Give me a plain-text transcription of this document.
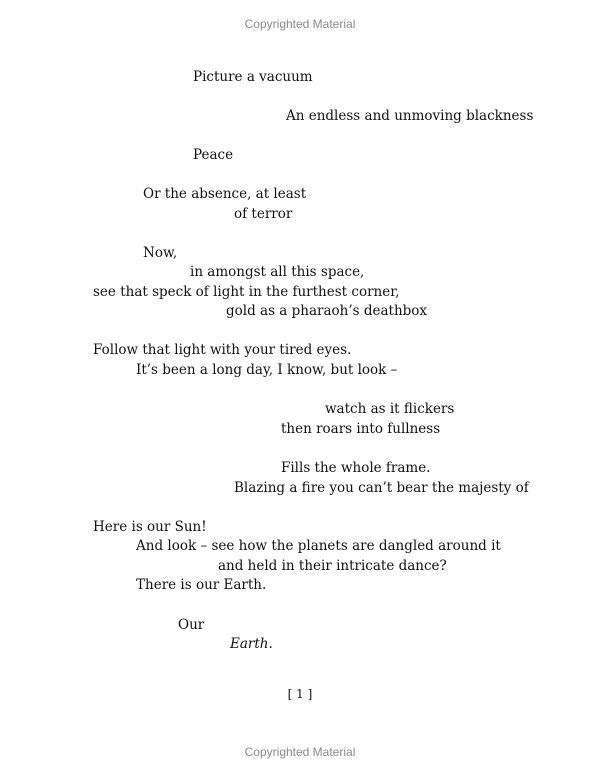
Copyrighted Material
Picture a vacuum
An endless and unmoving blackness
Peace
Or the absence, at least
of terror
Now,
in amongst all this space,
see that speck of light in the furthest corner,
gold as a pharaoh’s deathbox
Follow that light with your tired eyes.
It’s been a long day, I know, but look –
watch as it flickers
then roars into fullness
Fills the whole frame.
Blazing a fire you can’t bear the majesty of
Here is our Sun!
And look – see how the planets are dangled around it
and held in their intricate dance?
There is our Earth.
Our
Earth.
[ 1 ]
Copyrighted Material
